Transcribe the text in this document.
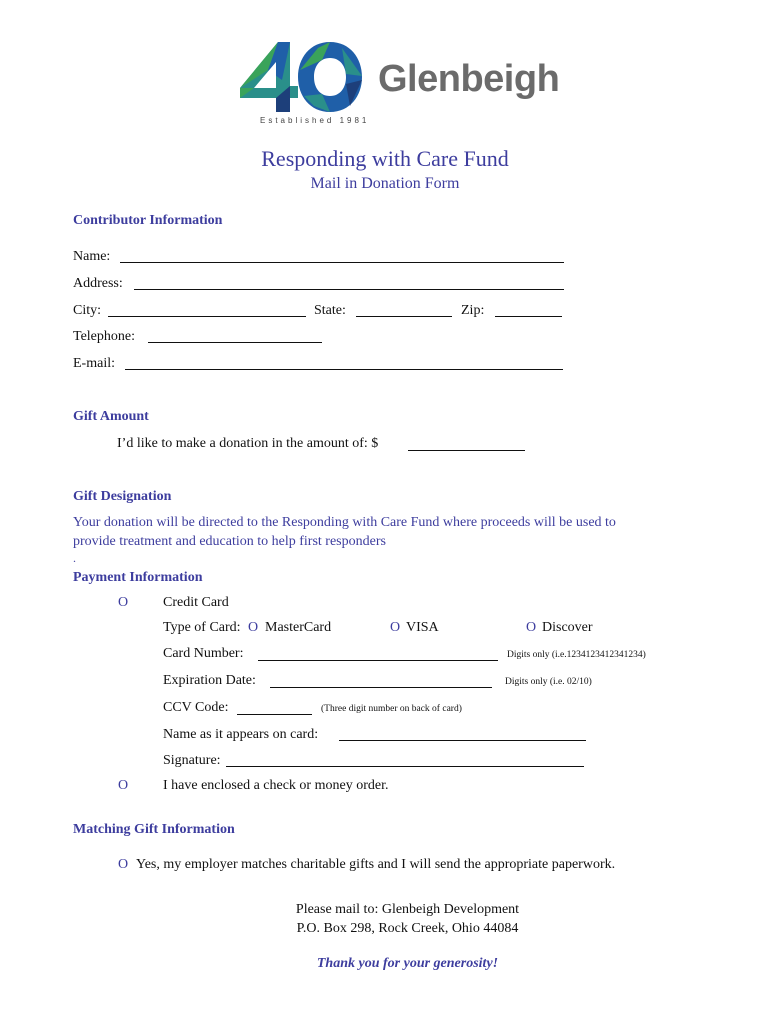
Glenbeigh
Established 1981
Responding with Care Fund
Mail in Donation Form
Contributor Information
Name:
Address:
City:	State:	Zip:
Telephone:
E-mail:
Gift Amount
I’d like to make a donation in the amount of: $
Gift Designation
Your donation will be directed to the Responding with Care Fund where proceeds will be used to
provide treatment and education to help first responders
.
Payment Information
O Credit Card
Type of Card: O MasterCard	O VISA	O Discover
Card Number:	Digits only (i.e.1234123412341234)
Expiration Date:	Digits only (i.e. 02/10)
CCV Code:	(Three digit number on back of card)
Name as it appears on card:
Signature:
O I have enclosed a check or money order.
Matching Gift Information
O Yes, my employer matches charitable gifts and I will send the appropriate paperwork.
Please mail to: Glenbeigh Development
P.O. Box 298, Rock Creek, Ohio 44084
Thank you for your generosity!
